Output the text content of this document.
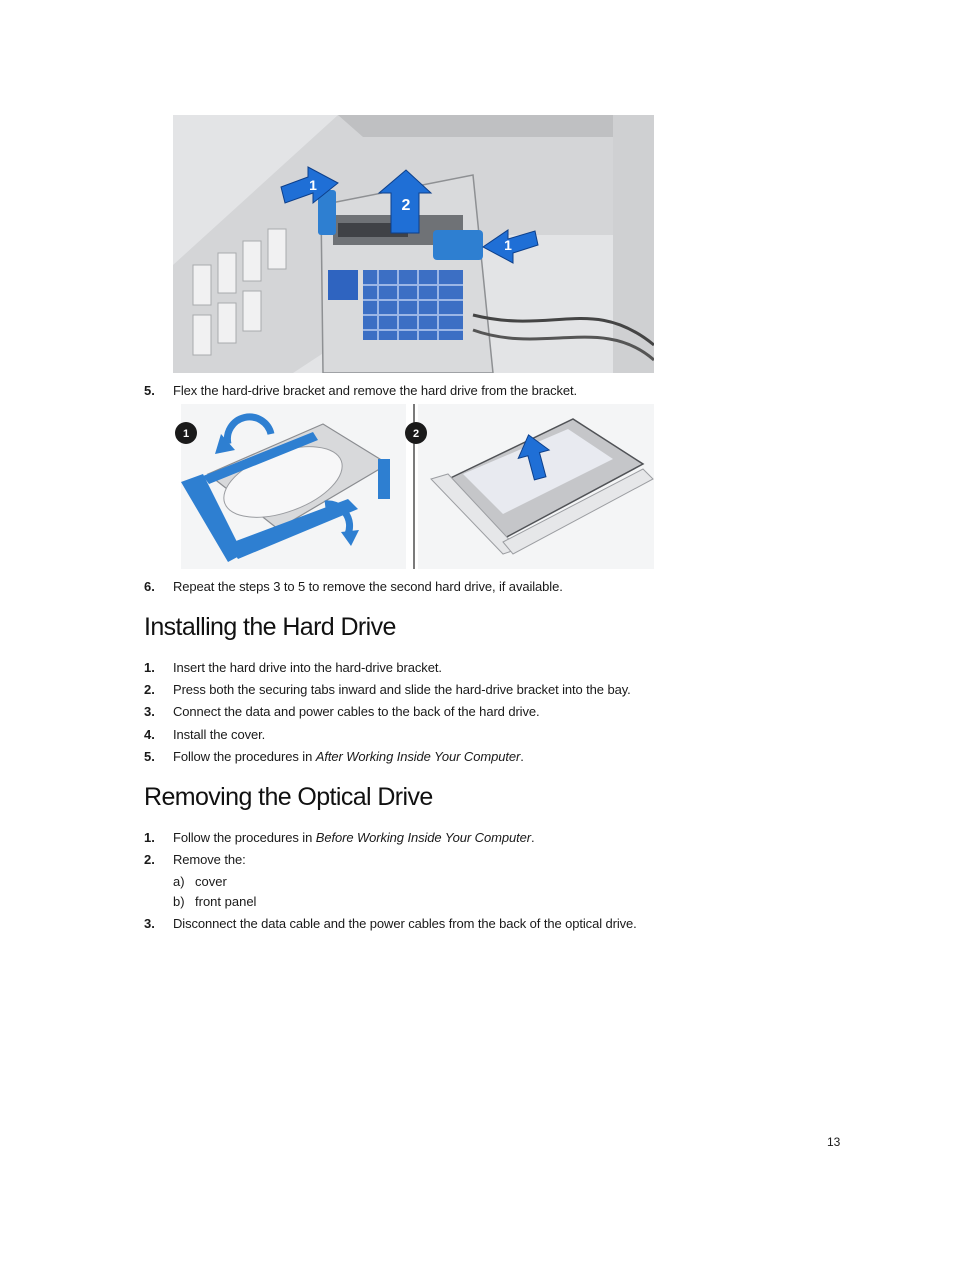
1
2
1
5.	Flex the hard-drive bracket and remove the hard drive from the bracket.
1	2
6.	Repeat the steps 3 to 5 to remove the second hard drive, if available.
Installing the Hard Drive
1.	Insert the hard drive into the hard-drive bracket.
2.	Press both the securing tabs inward and slide the hard-drive bracket into the bay.
3.	Connect the data and power cables to the back of the hard drive.
4.	Install the cover.
5.	Follow the procedures in After Working Inside Your Computer.
Removing the Optical Drive
1.	Follow the procedures in Before Working Inside Your Computer.
2.	Remove the:
a) cover
b) front panel
3.	Disconnect the data cable and the power cables from the back of the optical drive.
13
